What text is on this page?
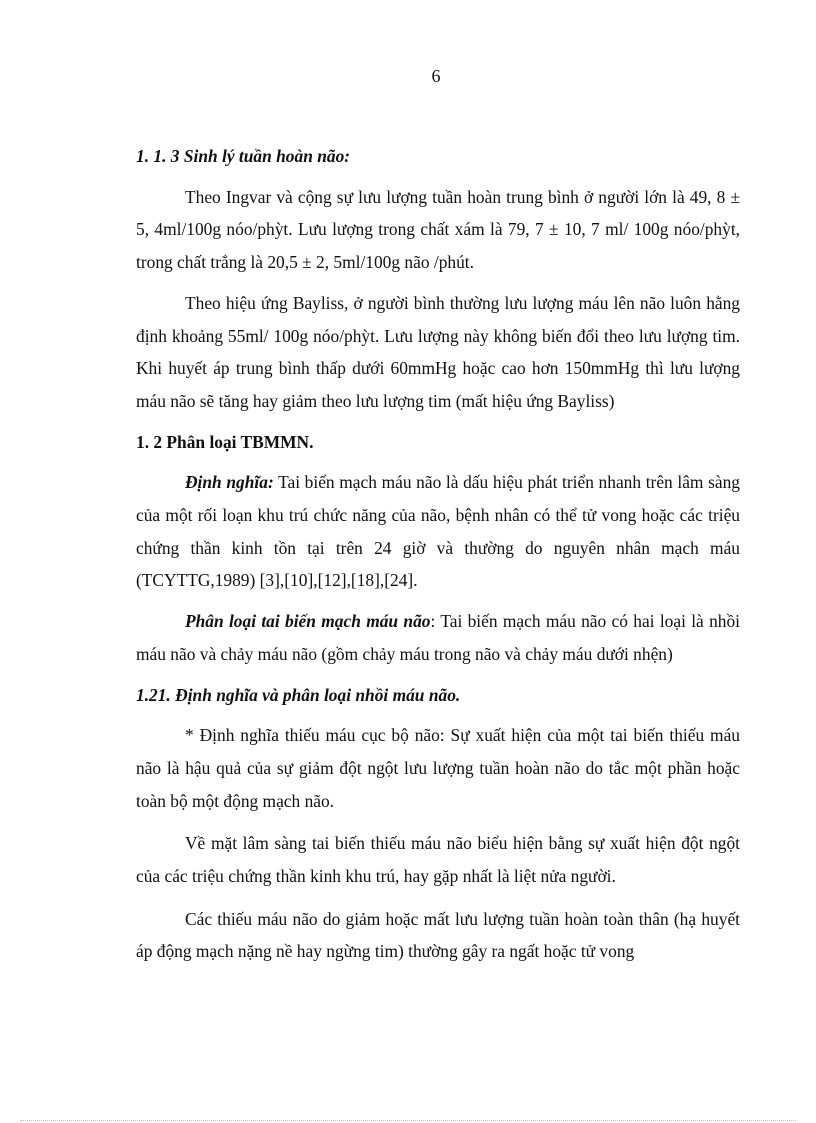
6

1. 1. 3 Sinh lý tuần hoàn não:

Theo Ingvar và cộng sự lưu lượng tuần hoàn trung bình ở người lớn là 49, 8 ± 5, 4ml/100g nóo/phỳt. Lưu lượng trong chất xám là 79, 7 ± 10, 7 ml/ 100g nóo/phỳt, trong chất trắng là 20,5 ± 2, 5ml/100g não /phút.

Theo hiệu ứng Bayliss, ở người bình thường lưu lượng máu lên não luôn hằng định khoảng 55ml/ 100g nóo/phỳt. Lưu lượng này không biến đổi theo lưu lượng tim. Khi huyết áp trung bình thấp dưới 60mmHg hoặc cao hơn 150mmHg thì lưu lượng máu não sẽ tăng hay giảm theo lưu lượng tim (mất hiệu ứng Bayliss)

1. 2 Phân loại TBMMN.

Định nghĩa: Tai biến mạch máu não là dấu hiệu phát triển nhanh trên lâm sàng của một rối loạn khu trú chức năng của não, bệnh nhân có thể tử vong hoặc các triệu chứng thần kinh tồn tại trên 24 giờ và thường do nguyên nhân mạch máu (TCYTTG,1989) [3],[10],[12],[18],[24].

Phân loại tai biến mạch máu não: Tai biến mạch máu não có hai loại là nhồi máu não và chảy máu não (gồm chảy máu trong não và chảy máu dưới nhện)

1.21. Định nghĩa và phân loại nhồi máu não.

* Định nghĩa thiếu máu cục bộ não: Sự xuất hiện của một tai biến thiếu máu não là hậu quả của sự giảm đột ngột lưu lượng tuần hoàn não do tắc một phần hoặc toàn bộ một động mạch não.

Về mặt lâm sàng tai biến thiếu máu não biểu hiện bằng sự xuất hiện đột ngột của các triệu chứng thần kinh khu trú, hay gặp nhất là liệt nửa người.

Các thiếu máu não do giảm hoặc mất lưu lượng tuần hoàn toàn thân (hạ huyết áp động mạch nặng nề hay ngừng tim) thường gây ra ngất hoặc tử vong
